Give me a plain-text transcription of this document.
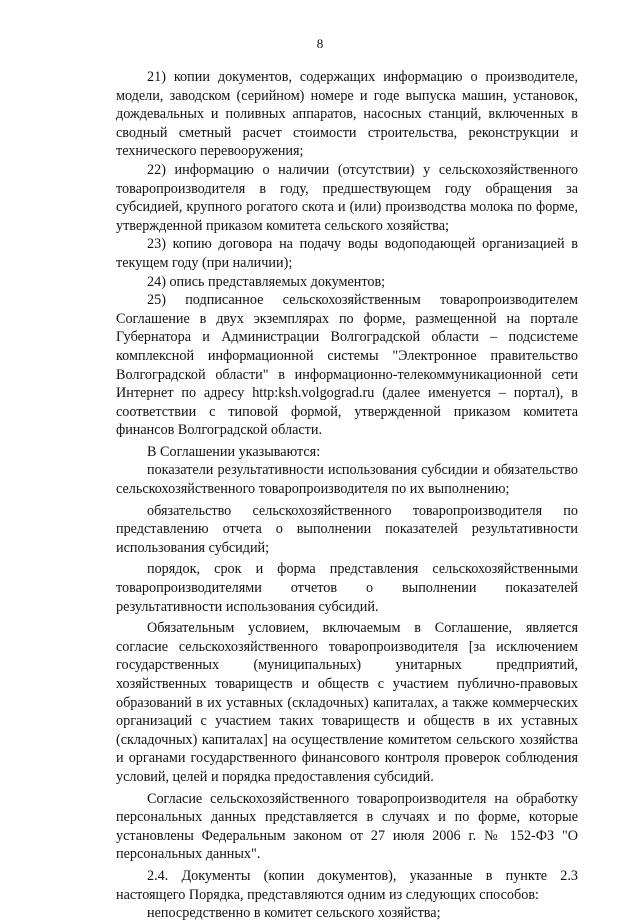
8

21) копии документов, содержащих информацию о производителе, модели, заводском (серийном) номере и годе выпуска машин, установок, дождевальных и поливных аппаратов, насосных станций, включенных в сводный сметный расчет стоимости строительства, реконструкции и технического перевооружения;

22) информацию о наличии (отсутствии) у сельскохозяйственного товаропроизводителя в году, предшествующем году обращения за субсидией, крупного рогатого скота и (или) производства молока по форме, утвержденной приказом комитета сельского хозяйства;

23) копию договора на подачу воды водоподающей организацией в текущем году (при наличии);

24) опись представляемых документов;

25) подписанное сельскохозяйственным товаропроизводителем Соглашение в двух экземплярах по форме, размещенной на портале Губернатора и Администрации Волгоградской области – подсистеме комплексной информационной системы "Электронное правительство Волгоградской области" в информационно-телекоммуникационной сети Интернет по адресу http:ksh.volgograd.ru (далее именуется – портал), в соответствии с типовой формой, утвержденной приказом комитета финансов Волгоградской области.

В Соглашении указываются:

показатели результативности использования субсидии и обязательство сельскохозяйственного товаропроизводителя по их выполнению;

обязательство сельскохозяйственного товаропроизводителя по представлению отчета о выполнении показателей результативности использования субсидий;

порядок, срок и форма представления сельскохозяйственными товаропроизводителями отчетов о выполнении показателей результативности использования субсидий.

Обязательным условием, включаемым в Соглашение, является согласие сельскохозяйственного товаропроизводителя [за исключением государственных (муниципальных) унитарных предприятий, хозяйственных товариществ и обществ с участием публично-правовых образований в их уставных (складочных) капиталах, а также коммерческих организаций с участием таких товариществ и обществ в их уставных (складочных) капиталах] на осуществление комитетом сельского хозяйства и органами государственного финансового контроля проверок соблюдения условий, целей и порядка предоставления субсидий.

Согласие сельскохозяйственного товаропроизводителя на обработку персональных данных представляется в случаях и по форме, которые установлены Федеральным законом от 27 июля 2006 г. № 152-ФЗ "О персональных данных".

2.4. Документы (копии документов), указанные в пункте 2.3 настоящего Порядка, представляются одним из следующих способов:

непосредственно в комитет сельского хозяйства;
